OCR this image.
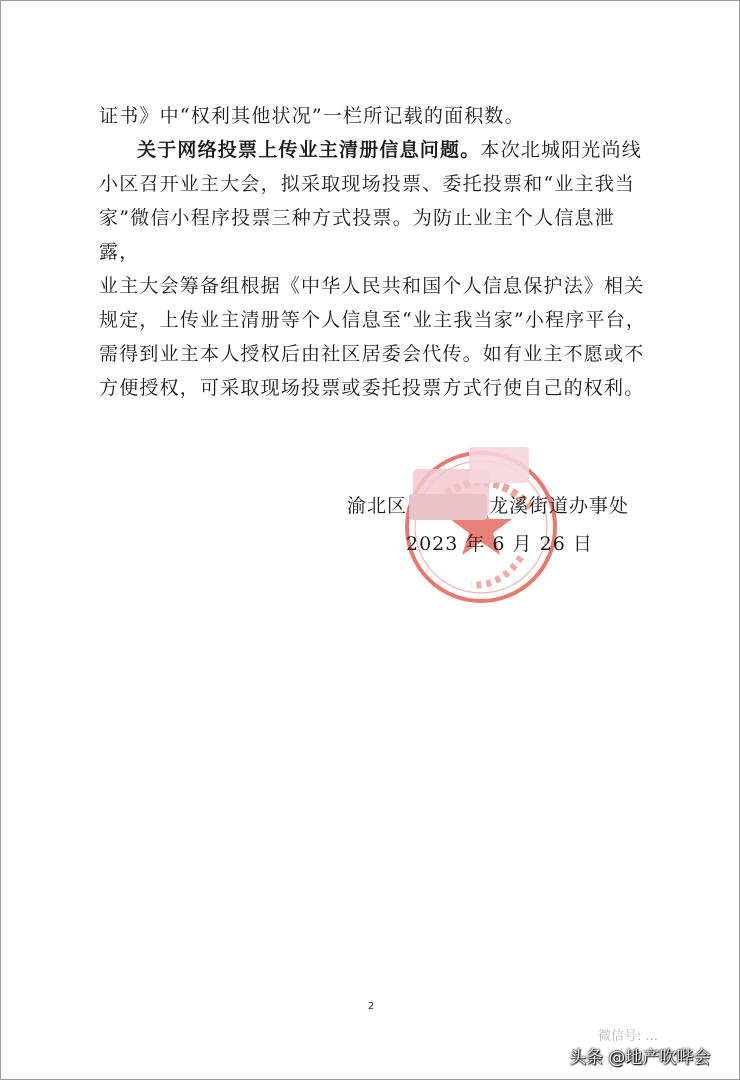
证书》中“权利其他状况”一栏所记载的面积数。

关于网络投票上传业主清册信息问题。本次北城阳光尚线

小区召开业主大会，拟采取现场投票、委托投票和“业主我当

家”微信小程序投票三种方式投票。为防止业主个人信息泄露，

业主大会筹备组根据《中华人民共和国个人信息保护法》相关

规定，上传业主清册等个人信息至“业主我当家”小程序平台，

需得到业主本人授权后由社区居委会代传。如有业主不愿或不

方便授权，可采取现场投票或委托投票方式行使自己的权利。

渝北区	龙溪街道办事处
2023 年 6 月 26 日
2
微信号: ...
头条 @地产吹哔会
